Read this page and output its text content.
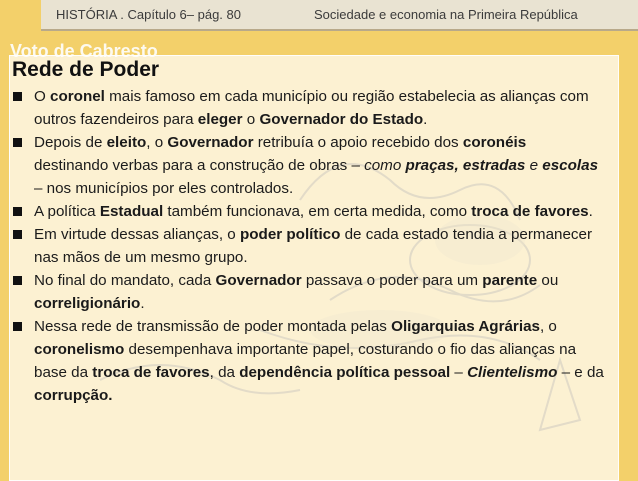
HISTÓRIA . Capítulo 6– pág. 80	Sociedade e economia na Primeira República
Voto de Cabresto
Rede de Poder
O coronel mais famoso em cada município ou região estabelecia as alianças com outros fazendeiros para eleger o Governador do Estado.
Depois de eleito, o Governador retribuía o apoio recebido dos coronéis destinando verbas para a construção de obras – como praças, estradas e escolas – nos municípios por eles controlados.
A política Estadual também funcionava, em certa medida, como troca de favores.
Em virtude dessas alianças, o poder político de cada estado tendia a permanecer nas mãos de um mesmo grupo.
No final do mandato, cada Governador passava o poder para um parente ou correligionário.
Nessa rede de transmissão de poder montada pelas Oligarquias Agrárias, o coronelismo desempenhava importante papel, costurando o fio das alianças na base da troca de favores, da dependência política pessoal – Clientelismo – e da corrupção.
